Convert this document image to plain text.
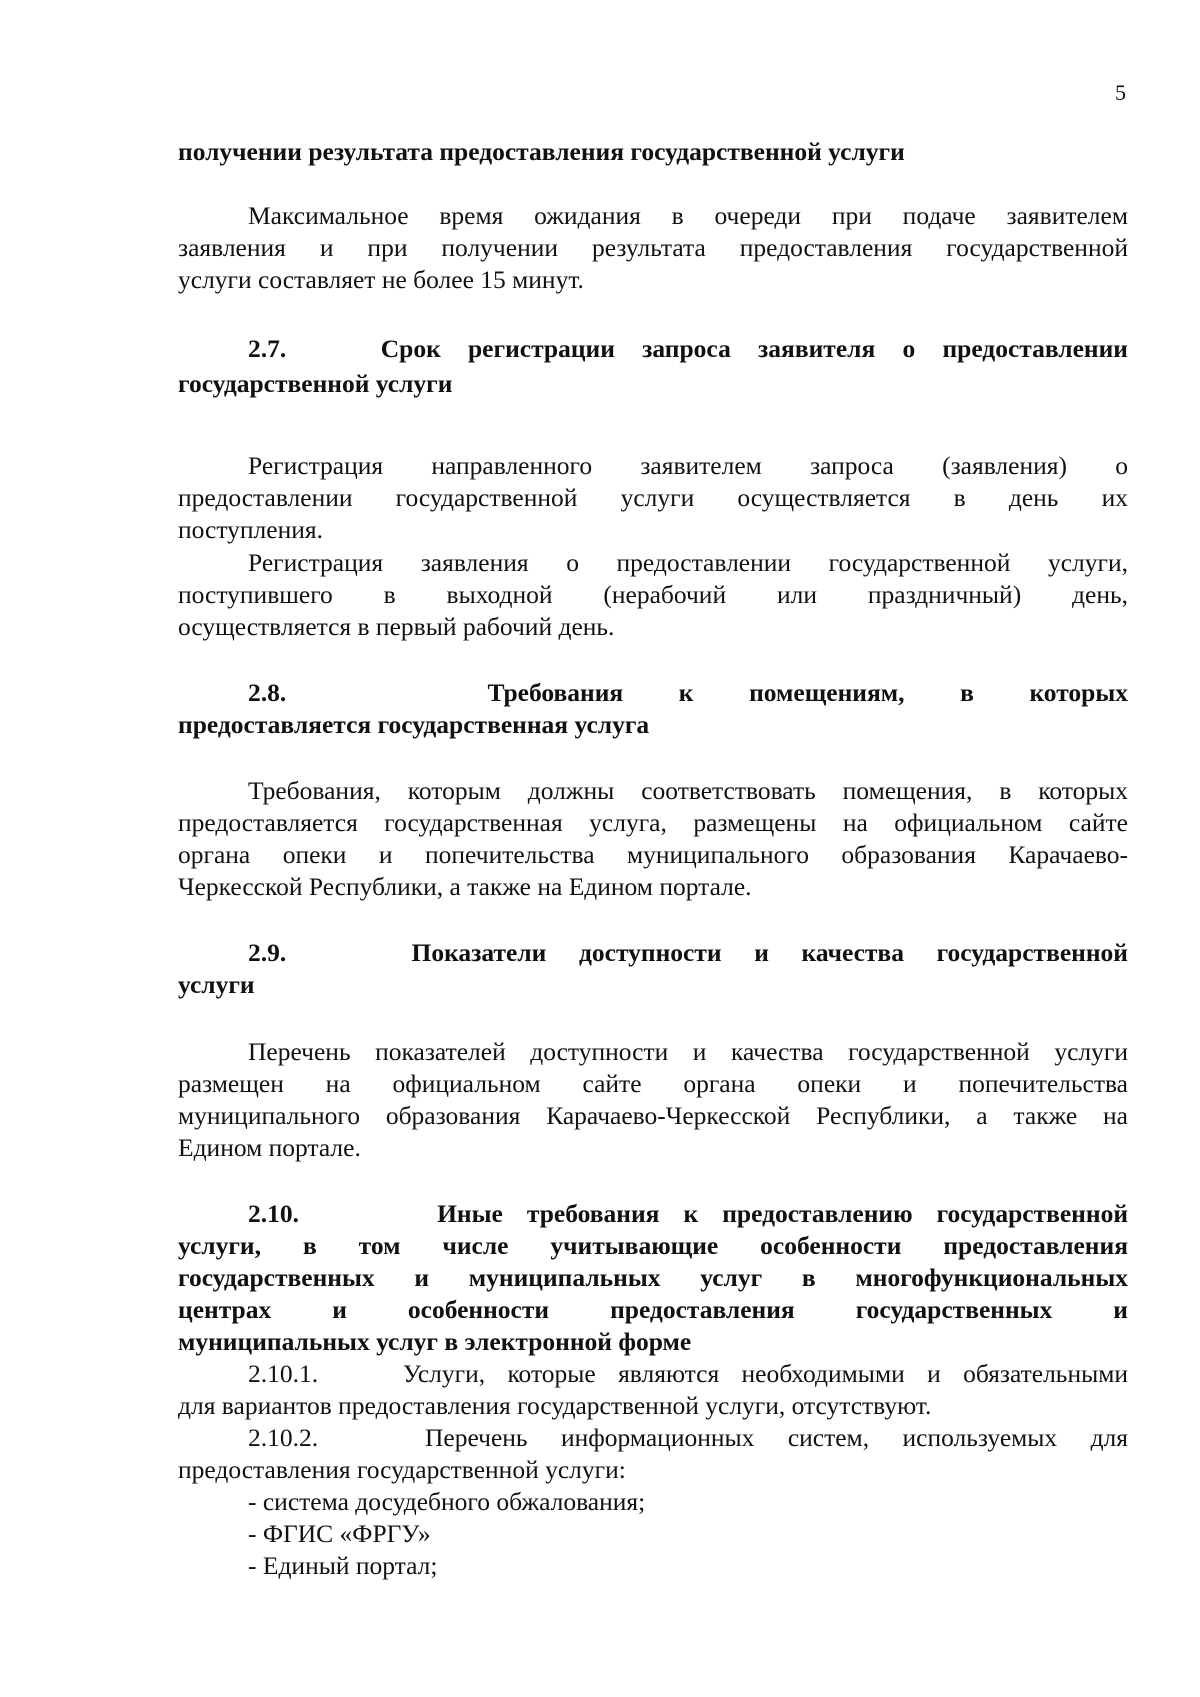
5
получении результата предоставления государственной услуги
Максимальное время ожидания в очереди при подаче заявителем
заявления и при получении результата предоставления государственной
услуги составляет не более 15 минут.
2.7.	Срок регистрации запроса заявителя о предоставлении
государственной услуги
Регистрация направленного заявителем запроса (заявления) о
предоставлении государственной услуги осуществляется в день их
поступления.
Регистрация заявления о предоставлении государственной услуги,
поступившего в выходной (нерабочий или праздничный) день,
осуществляется в первый рабочий день.
2.8.	Требования к помещениям, в которых
предоставляется государственная услуга
Требования, которым должны соответствовать помещения, в которых
предоставляется государственная услуга, размещены на официальном сайте
органа опеки и попечительства муниципального образования Карачаево-
Черкесской Республики, а также на Едином портале.
2.9.	Показатели доступности и качества государственной
услуги
Перечень показателей доступности и качества государственной услуги
размещен на официальном сайте органа опеки и попечительства
муниципального образования Карачаево-Черкесской Республики, а также на
Едином портале.
2.10.	Иные требования к предоставлению государственной
услуги, в том числе учитывающие особенности предоставления
государственных и муниципальных услуг в многофункциональных
центрах и особенности предоставления государственных и
муниципальных услуг в электронной форме
2.10.1.	Услуги, которые являются необходимыми и обязательными
для вариантов предоставления государственной услуги, отсутствуют.
2.10.2.	Перечень информационных систем, используемых для
предоставления государственной услуги:
- система досудебного обжалования;
- ФГИС «ФРГУ»
- Единый портал;
